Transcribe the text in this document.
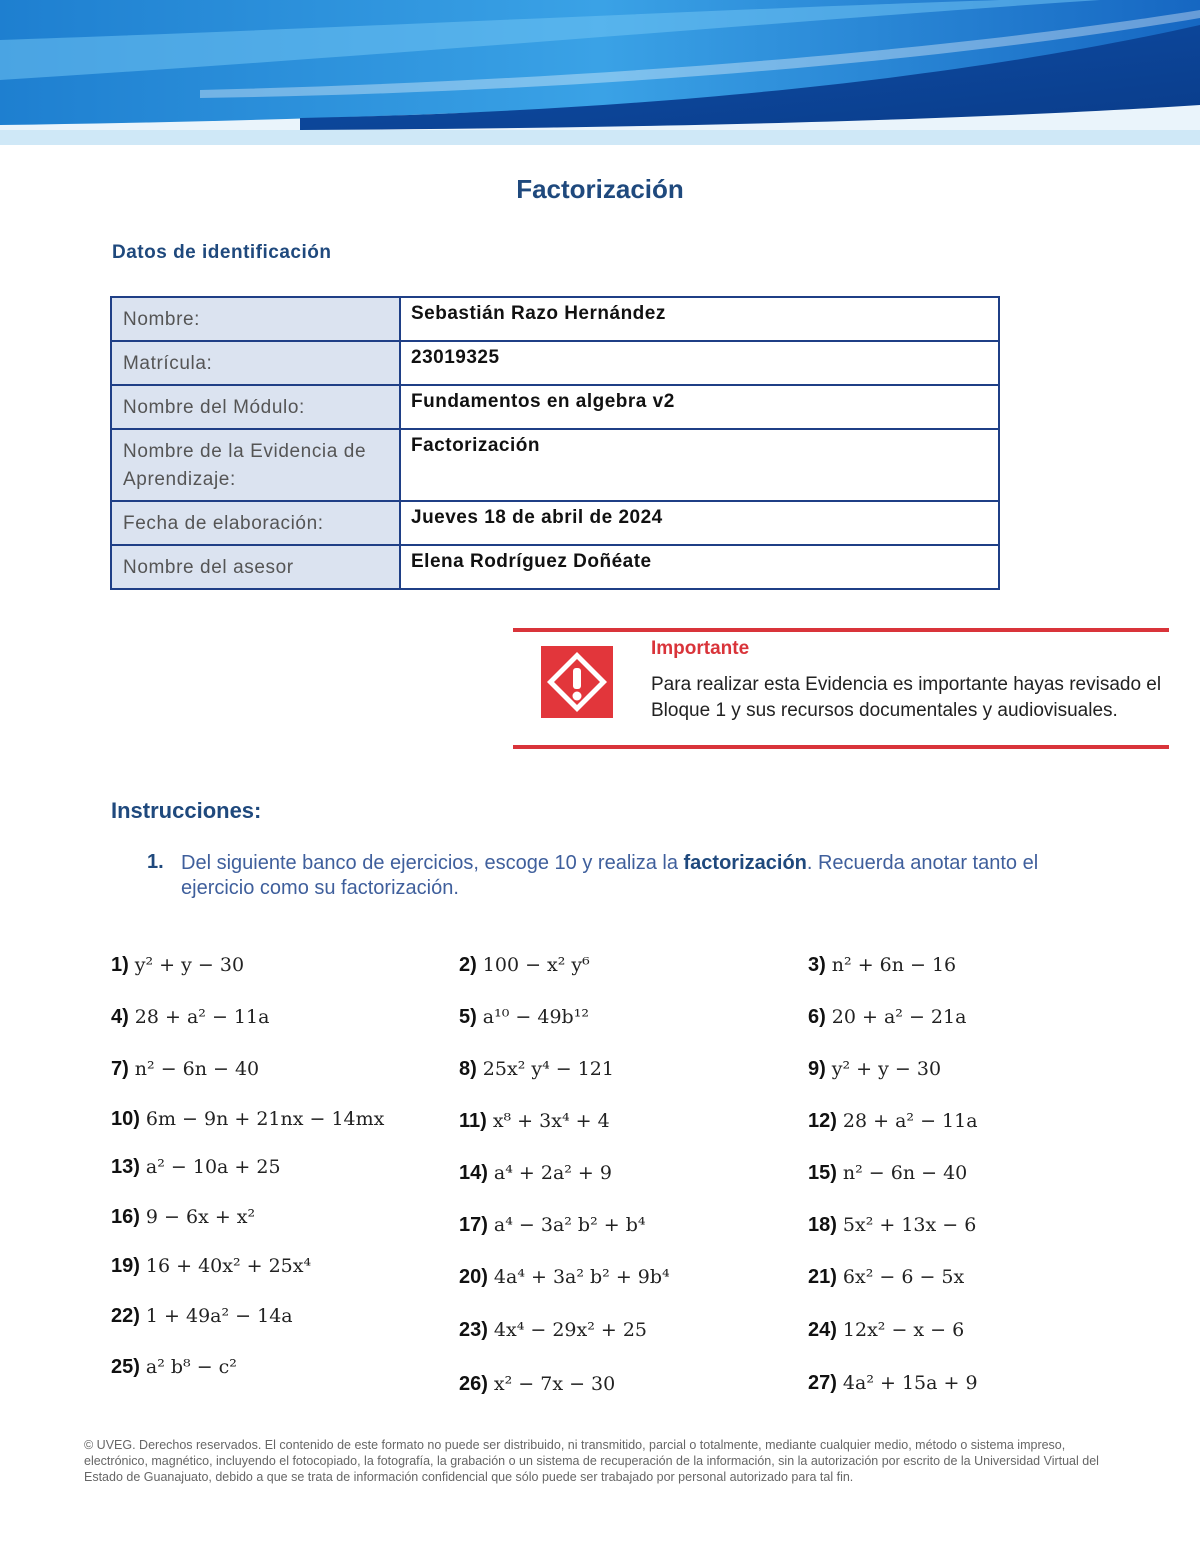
Factorización
Datos de identificación
Nombre:	Sebastián Razo Hernández
Matrícula:	23019325
Nombre del Módulo:	Fundamentos en algebra v2
Nombre de la Evidencia de Aprendizaje:	Factorización
Fecha de elaboración:	Jueves 18 de abril de 2024
Nombre del asesor	Elena Rodríguez Doñéate
Importante
Para realizar esta Evidencia es importante hayas revisado el Bloque 1 y sus recursos documentales y audiovisuales.
Instrucciones:
1. Del siguiente banco de ejercicios, escoge 10 y realiza la factorización. Recuerda anotar tanto el ejercicio como su factorización.
1) y² + y − 30	2) 100 − x² y⁶	3) n² + 6n − 16
4) 28 + a² − 11a	5) a¹⁰ − 49b¹²	6) 20 + a² − 21a
7) n² − 6n − 40	8) 25x² y⁴ − 121	9) y² + y − 30
10) 6m − 9n + 21nx − 14mx	11) x⁸ + 3x⁴ + 4	12) 28 + a² − 11a
13) a² − 10a + 25	14) a⁴ + 2a² + 9	15) n² − 6n − 40
16) 9 − 6x + x²	17) a⁴ − 3a² b² + b⁴	18) 5x² + 13x − 6
19) 16 + 40x² + 25x⁴	20) 4a⁴ + 3a² b² + 9b⁴	21) 6x² − 6 − 5x
22) 1 + 49a² − 14a
23) 4x⁴ − 29x² + 25	24) 12x² − x − 6
25) a² b⁸ − c²
26) x² − 7x − 30	27) 4a² + 15a + 9
© UVEG. Derechos reservados. El contenido de este formato no puede ser distribuido, ni transmitido, parcial o totalmente, mediante cualquier medio, método o sistema impreso, electrónico, magnético, incluyendo el fotocopiado, la fotografía, la grabación o un sistema de recuperación de la información, sin la autorización por escrito de la Universidad Virtual del Estado de Guanajuato, debido a que se trata de información confidencial que sólo puede ser trabajado por personal autorizado para tal fin.
